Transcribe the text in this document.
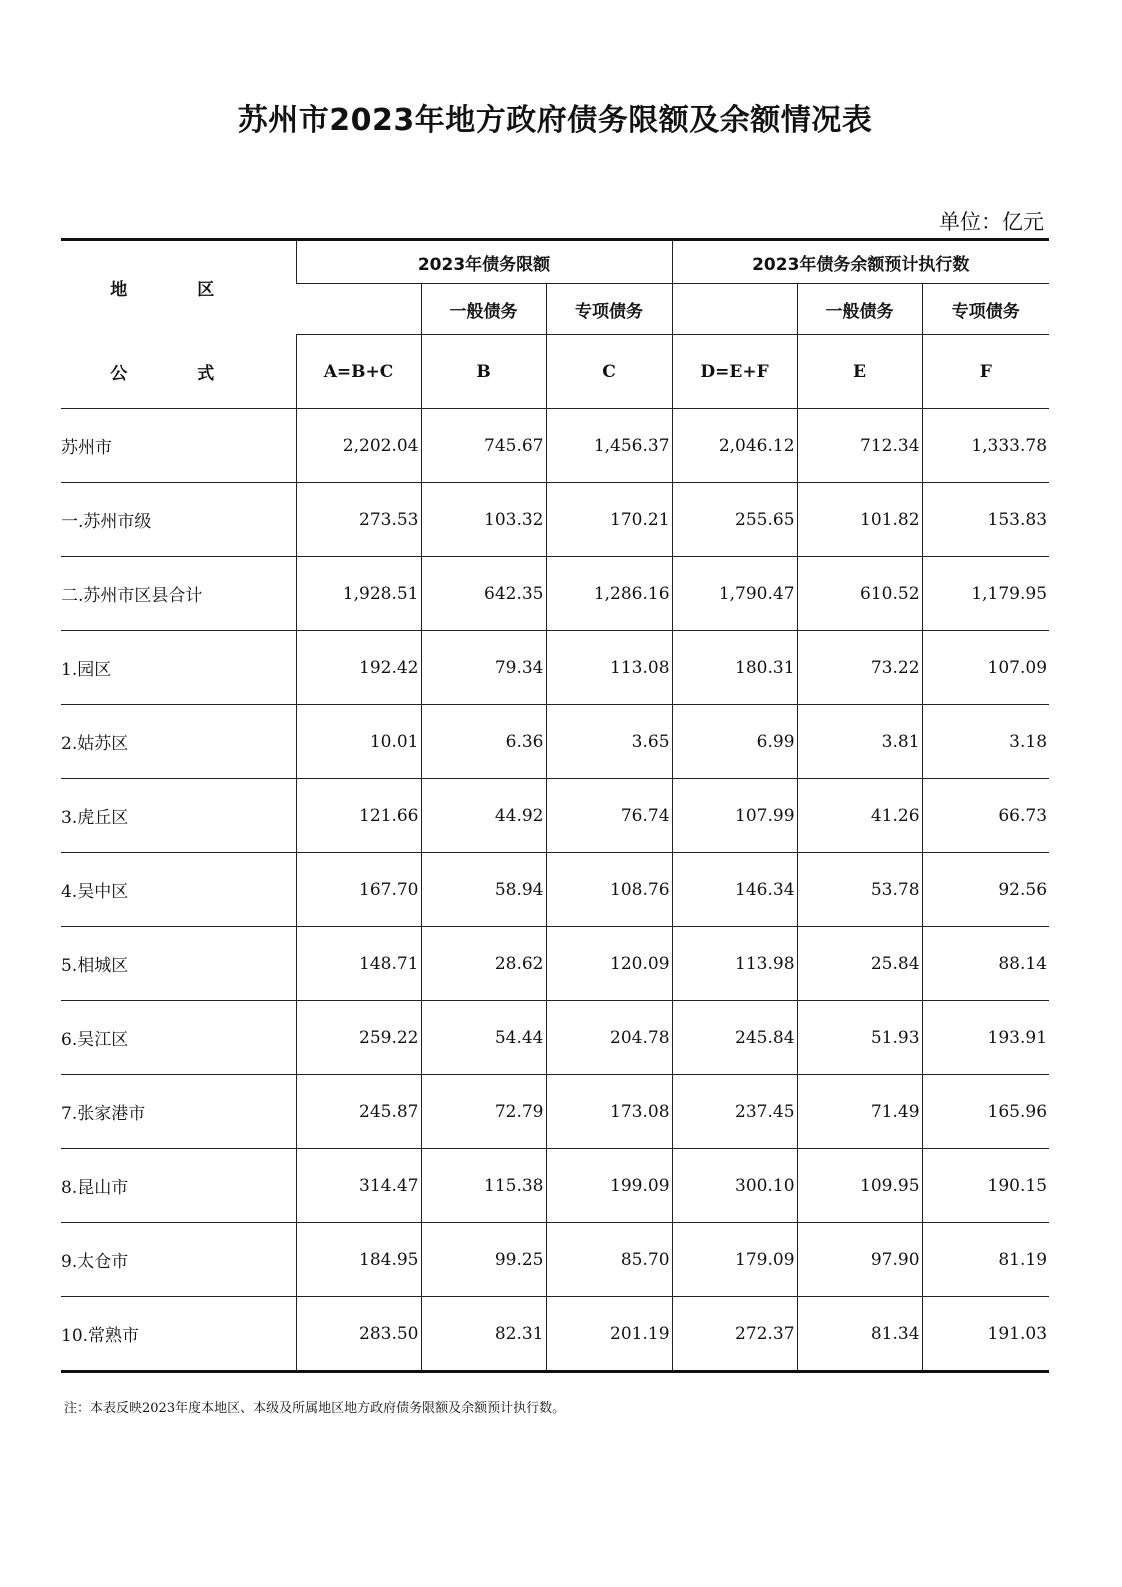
苏州市2023年地方政府债务限额及余额情况表
单位：亿元
地 区	2023年债务限额			2023年债务余额预计执行数		
		一般债务	专项债务		一般债务	专项债务
公 式	A=B+C	B	C	D=E+F	E	F
苏州市	2,202.04	745.67	1,456.37	2,046.12	712.34	1,333.78
一.苏州市级	273.53	103.32	170.21	255.65	101.82	153.83
二.苏州市区县合计	1,928.51	642.35	1,286.16	1,790.47	610.52	1,179.95
1.园区	192.42	79.34	113.08	180.31	73.22	107.09
2.姑苏区	10.01	6.36	3.65	6.99	3.81	3.18
3.虎丘区	121.66	44.92	76.74	107.99	41.26	66.73
4.吴中区	167.70	58.94	108.76	146.34	53.78	92.56
5.相城区	148.71	28.62	120.09	113.98	25.84	88.14
6.吴江区	259.22	54.44	204.78	245.84	51.93	193.91
7.张家港市	245.87	72.79	173.08	237.45	71.49	165.96
8.昆山市	314.47	115.38	199.09	300.10	109.95	190.15
9.太仓市	184.95	99.25	85.70	179.09	97.90	81.19
10.常熟市	283.50	82.31	201.19	272.37	81.34	191.03
注：本表反映2023年度本地区、本级及所属地区地方政府债务限额及余额预计执行数。
